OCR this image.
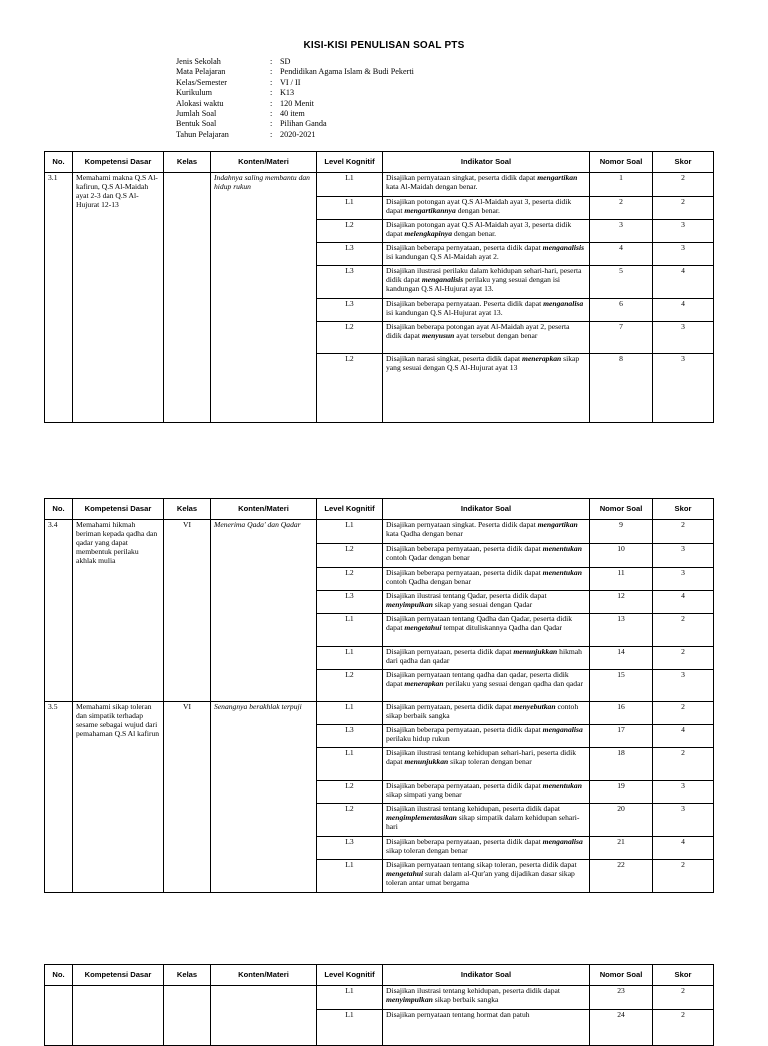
KISI-KISI PENULISAN SOAL PTS
Jenis Sekolah	: SD
Mata Pelajaran	: Pendidikan Agama Islam & Budi Pekerti
Kelas/Semester	: VI / II
Kurikulum	: K13
Alokasi waktu	: 120 Menit
Jumlah Soal	: 40 item
Bentuk Soal	: Pilihan Ganda
Tahun Pelajaran	: 2020-2021
No.	Kompetensi Dasar	Kelas	Konten/Materi	Level Kognitif	Indikator Soal	Nomor Soal	Skor
3.1	Memahami makna Q.S Al-kafirun, Q.S Al-Maidah ayat 2-3 dan Q.S Al-Hujurat 12-13		Indahnya saling membantu dan hidup rukun	L1	Disajikan pernyataan singkat, peserta didik dapat mengartikan kata Al-Maidah dengan benar.	1	2
				L1	Disajikan potongan ayat Q.S Al-Maidah ayat 3, peserta didik dapat mengartikannya dengan benar.	2	2
				L2	Disajikan potongan ayat Q.S Al-Maidah ayat 3, peserta didik dapat melengkapinya dengan benar.	3	3
				L3	Disajikan beberapa pernyataan, peserta didik dapat menganalisis isi kandungan Q.S Al-Maidah ayat 2.	4	3
				L3	Disajikan ilustrasi perilaku dalam kehidupan sehari-hari, peserta didik dapat menganalisis perilaku yang sesuai dengan isi kandungan Q.S Al-Hujurat ayat 13.	5	4
				L3	Disajikan beberapa pernyataan. Peserta didik dapat menganalisa isi kandungan Q.S Al-Hujurat ayat 13.	6	4
				L2	Disajikan beberapa potongan ayat Al-Maidah ayat 2, peserta didik dapat menyusun ayat tersebut dengan benar	7	3
				L2	Disajikan narasi singkat, peserta didik dapat menerapkan sikap yang sesuai dengan Q.S Al-Hujurat ayat 13	8	3
No.	Kompetensi Dasar	Kelas	Konten/Materi	Level Kognitif	Indikator Soal	Nomor Soal	Skor
3.4	Memahami hikmah beriman kepada qadha dan qadar yang dapat membentuk perilaku akhlak mulia	VI	Menerima Qada' dan Qadar	L1	Disajikan pernyataan singkat. Peserta didik dapat mengartikan kata Qadha dengan benar	9	2
				L2	Disajikan beberapa pernyataan, peserta didik dapat menentukan contoh Qadar dengan benar	10	3
				L2	Disajikan beberapa pernyataan, peserta didik dapat menentukan contoh Qadha dengan benar	11	3
				L3	Disajikan ilustrasi tentang Qadar, peserta didik dapat menyimpulkan sikap yang sesuai dengan Qadar	12	4
				L1	Disajikan pernyataan tentang Qadha dan Qadar, peserta didik dapat mengetahui tempat dituliskannya Qadha dan Qadar	13	2
				L1	Disajikan pernyataan, peserta didik dapat menunjukkan hikmah dari qadha dan qadar	14	2
				L2	Disajikan pernyataan tentang qadha dan qadar, peserta didik dapat menerapkan perilaku yang sesuai dengan qadha dan qadar	15	3
3.5	Memahami sikap toleran dan simpatik terhadap sesame sebagai wujud dari pemahaman Q.S Al kafirun	VI	Senangnya berakhlak terpuji	L1	Disajikan pernyataan, peserta didik dapat menyebutkan contoh sikap berbaik sangka	16	2
				L3	Disajikan beberapa pernyataan, peserta didik dapat menganalisa perilaku hidup rukun	17	4
				L1	Disajikan ilustrasi tentang kehidupan sehari-hari, peserta didik dapat menunjukkan sikap toleran dengan benar	18	2
				L2	Disajikan beberapa pernyataan, peserta didik dapat menentukan sikap simpati yang benar	19	3
				L2	Disajikan ilustrasi tentang kehidupan, peserta didik dapat mengimplementasikan sikap simpatik dalam kehidupan sehari-hari	20	3
				L3	Disajikan beberapa pernyataan, peserta didik dapat menganalisa sikap toleran dengan benar	21	4
				L1	Disajikan pernyataan tentang sikap toleran, peserta didik dapat mengetahui surah dalam al-Qur'an yang dijadikan dasar sikap toleran antar umat bergama	22	2
No.	Kompetensi Dasar	Kelas	Konten/Materi	Level Kognitif	Indikator Soal	Nomor Soal	Skor
				L1	Disajikan ilustrasi tentang kehidupan, peserta didik dapat menyimpulkan sikap berbaik sangka	23	2
				L1	Disajikan pernyataan tentang hormat dan patuh	24	2
